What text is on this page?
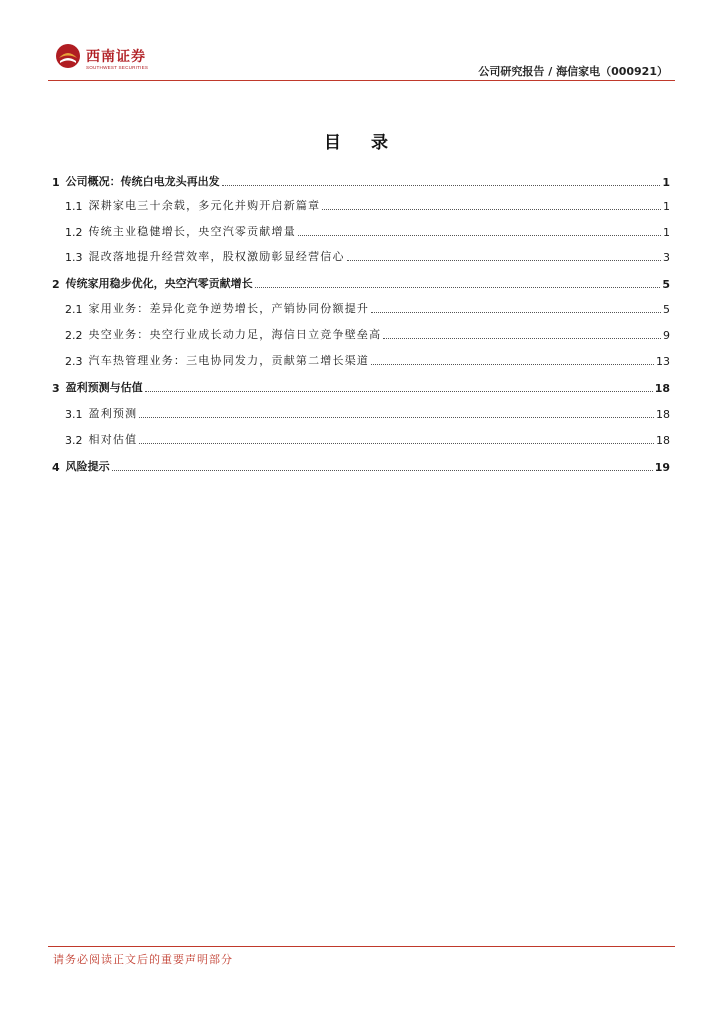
西南证券
SOUTHWEST SECURITIES	公司研究报告 / 海信家电（000921）
目 录
1 公司概况：传统白电龙头再出发	1
1.1 深耕家电三十余载，多元化并购开启新篇章	1
1.2 传统主业稳健增长，央空汽零贡献增量	1
1.3 混改落地提升经营效率，股权激励彰显经营信心	3
2 传统家用稳步优化，央空汽零贡献增长	5
2.1 家用业务：差异化竞争逆势增长，产销协同份额提升	5
2.2 央空业务：央空行业成长动力足，海信日立竞争壁垒高	9
2.3 汽车热管理业务：三电协同发力，贡献第二增长渠道	13
3 盈利预测与估值	18
3.1 盈利预测	18
3.2 相对估值	18
4 风险提示	19
请务必阅读正文后的重要声明部分
